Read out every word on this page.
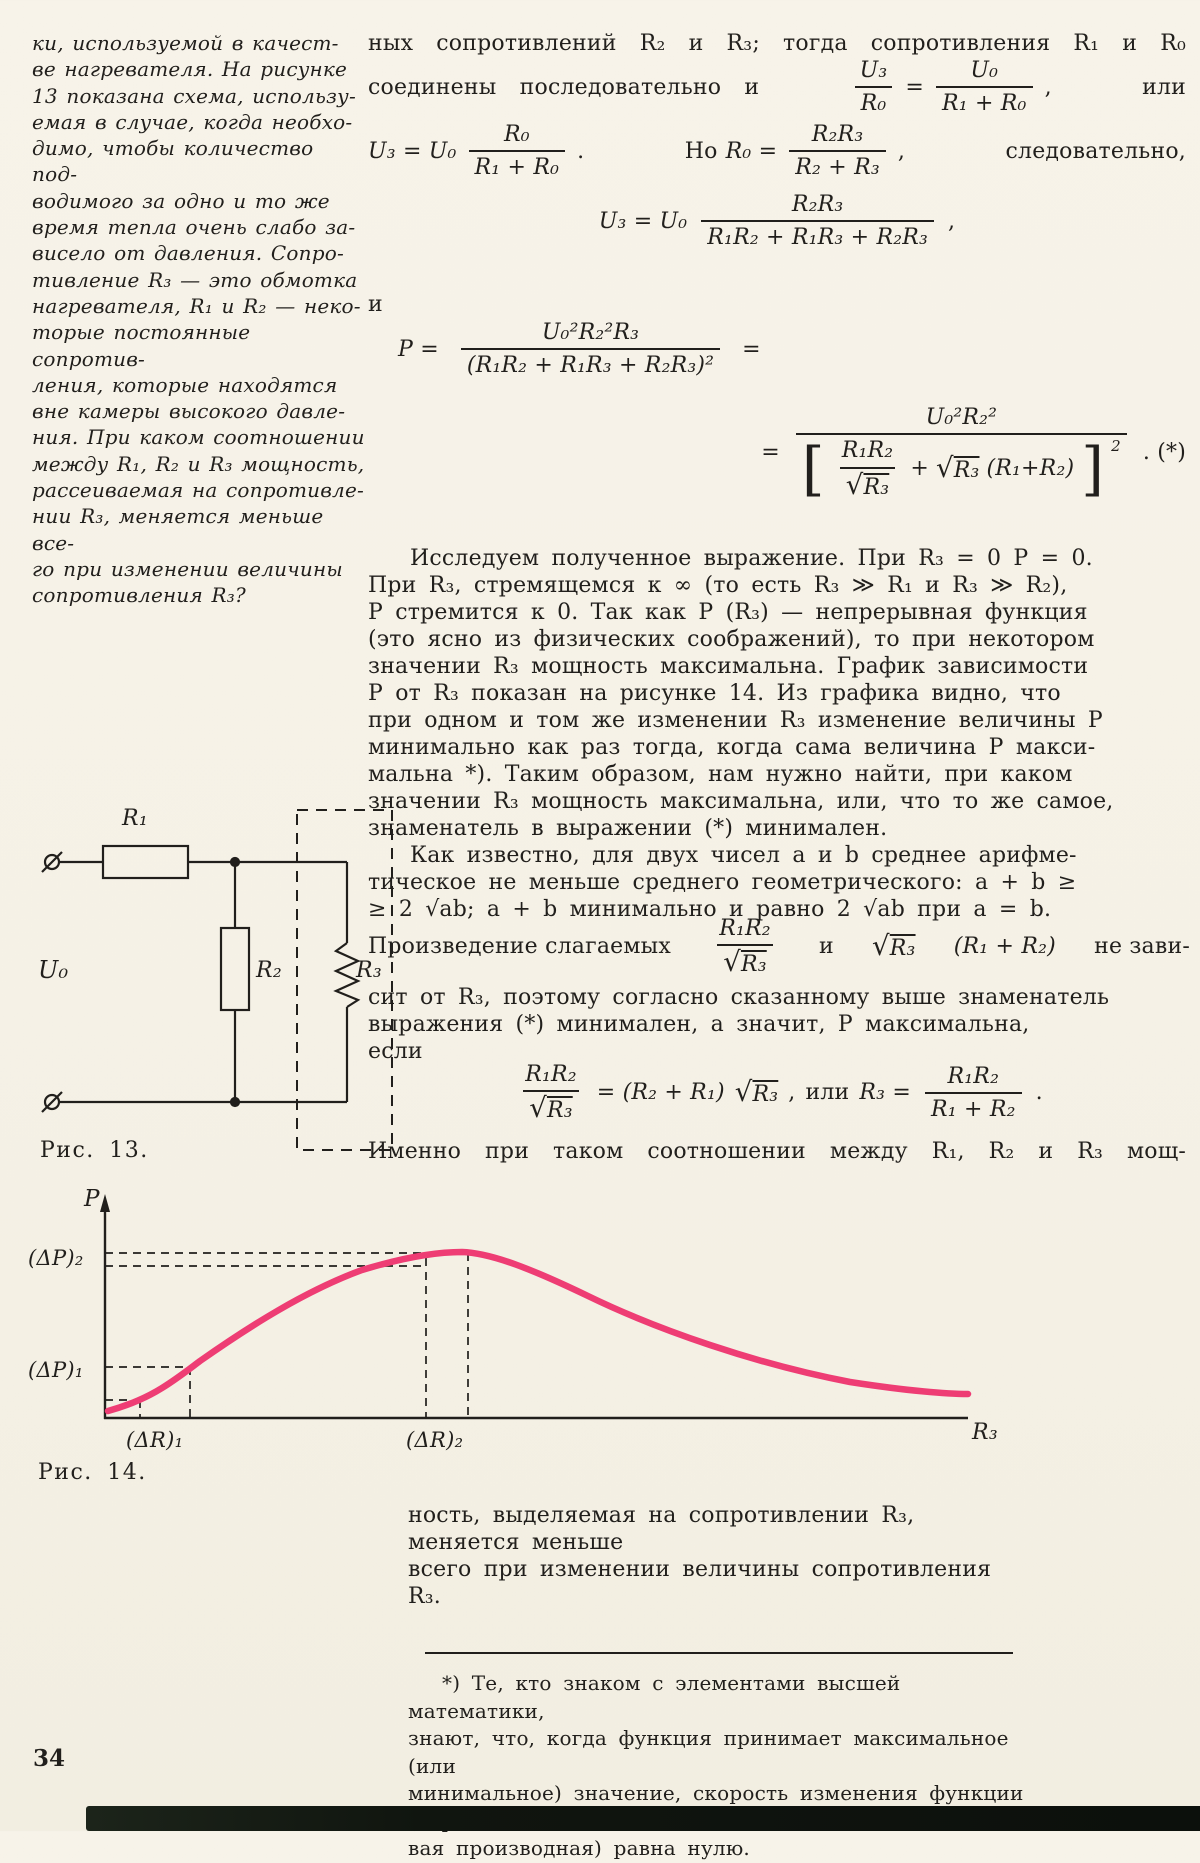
ки, используемой в качест-
ве нагревателя. На рисунке
13 показана схема, использу-
емая в случае, когда необхо-
димо, чтобы количество под-
водимого за одно и то же
время тепла очень слабо за-
висело от давления. Сопро-
тивление R₃ — это обмотка
нагревателя, R₁ и R₂ — неко-
торые постоянные сопротив-
ления, которые находятся
вне камеры высокого давле-
ния. При каком соотношении
между R₁, R₂ и R₃ мощность,
рассеиваемая на сопротивле-
нии R₃, меняется меньше все-
го при изменении величины
сопротивления R₃?
ных сопротивлений R₂ и R₃; тогда сопротивления R₁ и R₀
соединены последовательно и	$\frac{\text{U₃}}{\text{R₀}} = \frac{\text{U₀}}{\text{R₁ + R₀}}$ ,	или
$U_3 = U_0 \frac{\text{R₀}}{\text{R₁ + R₀}}$ .	Но $R_0 = \frac{\text{R₂R₃}}{\text{R₂ + R₃}}$ ,	следовательно,
$U_3 = U_0 \frac{\text{R₂R₃}}{\text{R₁R₂ + R₁R₃ + R₂R₃}}$ ,
и
$P = \frac{\text{U₀²R₂²R₃}}{\text{(R₁R₂ + R₁R₃ + R₂R₃)²}}$ =
=
U₀²R₂²
[ $\frac{\text{R₁R₂}}{\text{√ R₃}}$ + √ R₃ (R₁+R₂) ] 2 . (*)
Исследуем полученное выражение. При R₃ = 0 P = 0.
При R₃, стремящемся к ∞ (то есть R₃ ≫ R₁ и R₃ ≫ R₂),
P стремится к 0. Так как P (R₃) — непрерывная функция
(это ясно из физических соображений), то при некотором
значении R₃ мощность максимальна. График зависимости
P от R₃ показан на рисунке 14. Из графика видно, что
при одном и том же изменении R₃ изменение величины P
минимально как раз тогда, когда сама величина P макси-
мальна *). Таким образом, нам нужно найти, при каком
значении R₃ мощность максимальна, или, что то же самое,
знаменатель в выражении (*) минимален.
Как известно, для двух чисел a и b среднее арифме-
тическое не меньше среднего геометрического: a + b ≥
≥ 2 √ab; a + b минимально и равно 2 √ab при a = b.
Произведение слагаемых $\frac{\text{R₁R₂}}{\text{√ R₃}}$ и √ R₃ (R₁ + R₂) не зави-
сит от R₃, поэтому согласно сказанному выше знаменатель
выражения (*) минимален, а значит, P максимальна,
если
$\frac{\text{R₁R₂}}{\text{√ R₃}} = (R_2 + R_1)$ √ R₃ , или $R_3 = \frac{\text{R₁R₂}}{\text{R₁ + R₂}}$ .
Именно при таком соотношении между R₁, R₂ и R₃ мощ-
R₁
R₂	R₃
U₀
Рис. 13.
P
(ΔP)₂
(ΔP)₁
(ΔR)₁	(ΔR)₂	R₃
Рис. 14.
ность, выделяемая на сопротивлении R₃, меняется меньше
всего при изменении величины сопротивления R₃.
*) Те, кто знаком с элементами высшей математики,
знают, что, когда функция принимает максимальное (или
минимальное) значение, скорость изменения функции
вая производная) равна нулю.
34
